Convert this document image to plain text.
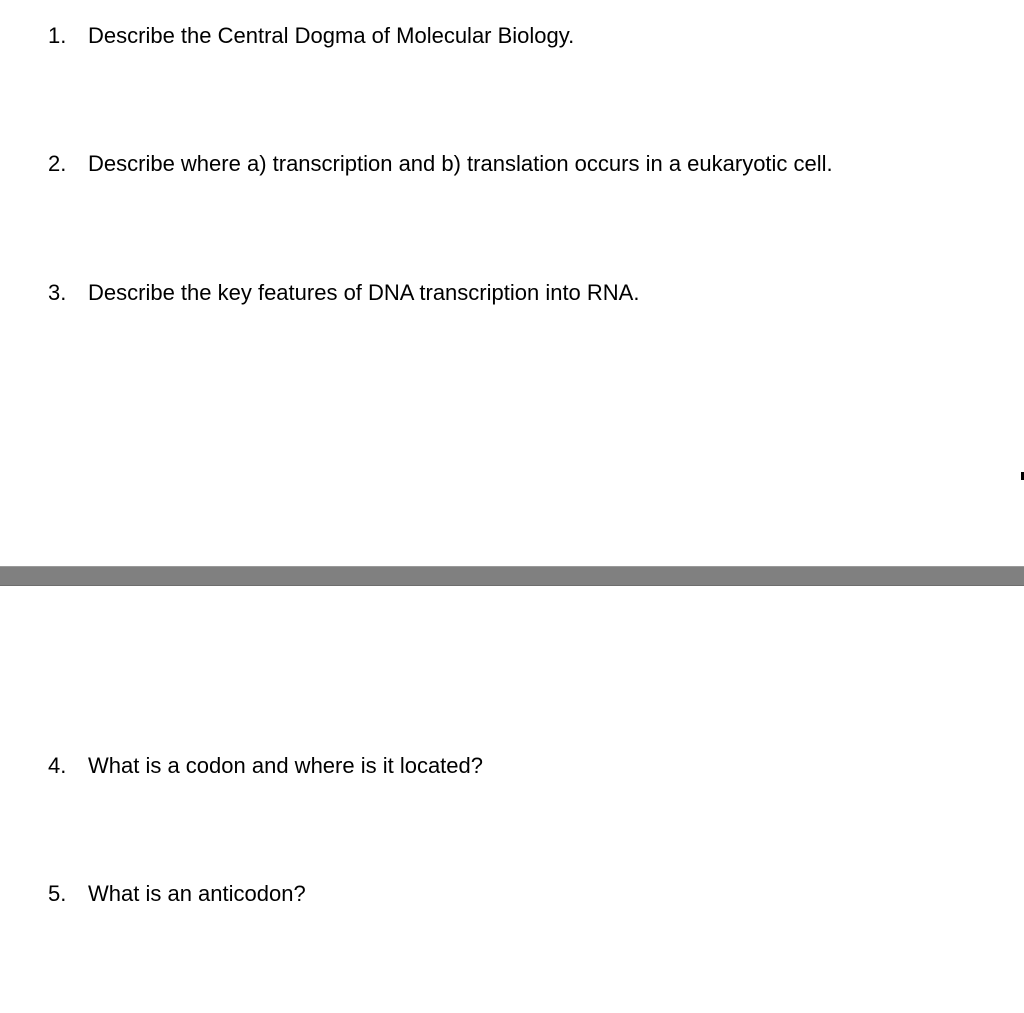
1. Describe the Central Dogma of Molecular Biology.
2. Describe where a) transcription and b) translation occurs in a eukaryotic cell.
3. Describe the key features of DNA transcription into RNA.
4. What is a codon and where is it located?
5. What is an anticodon?
